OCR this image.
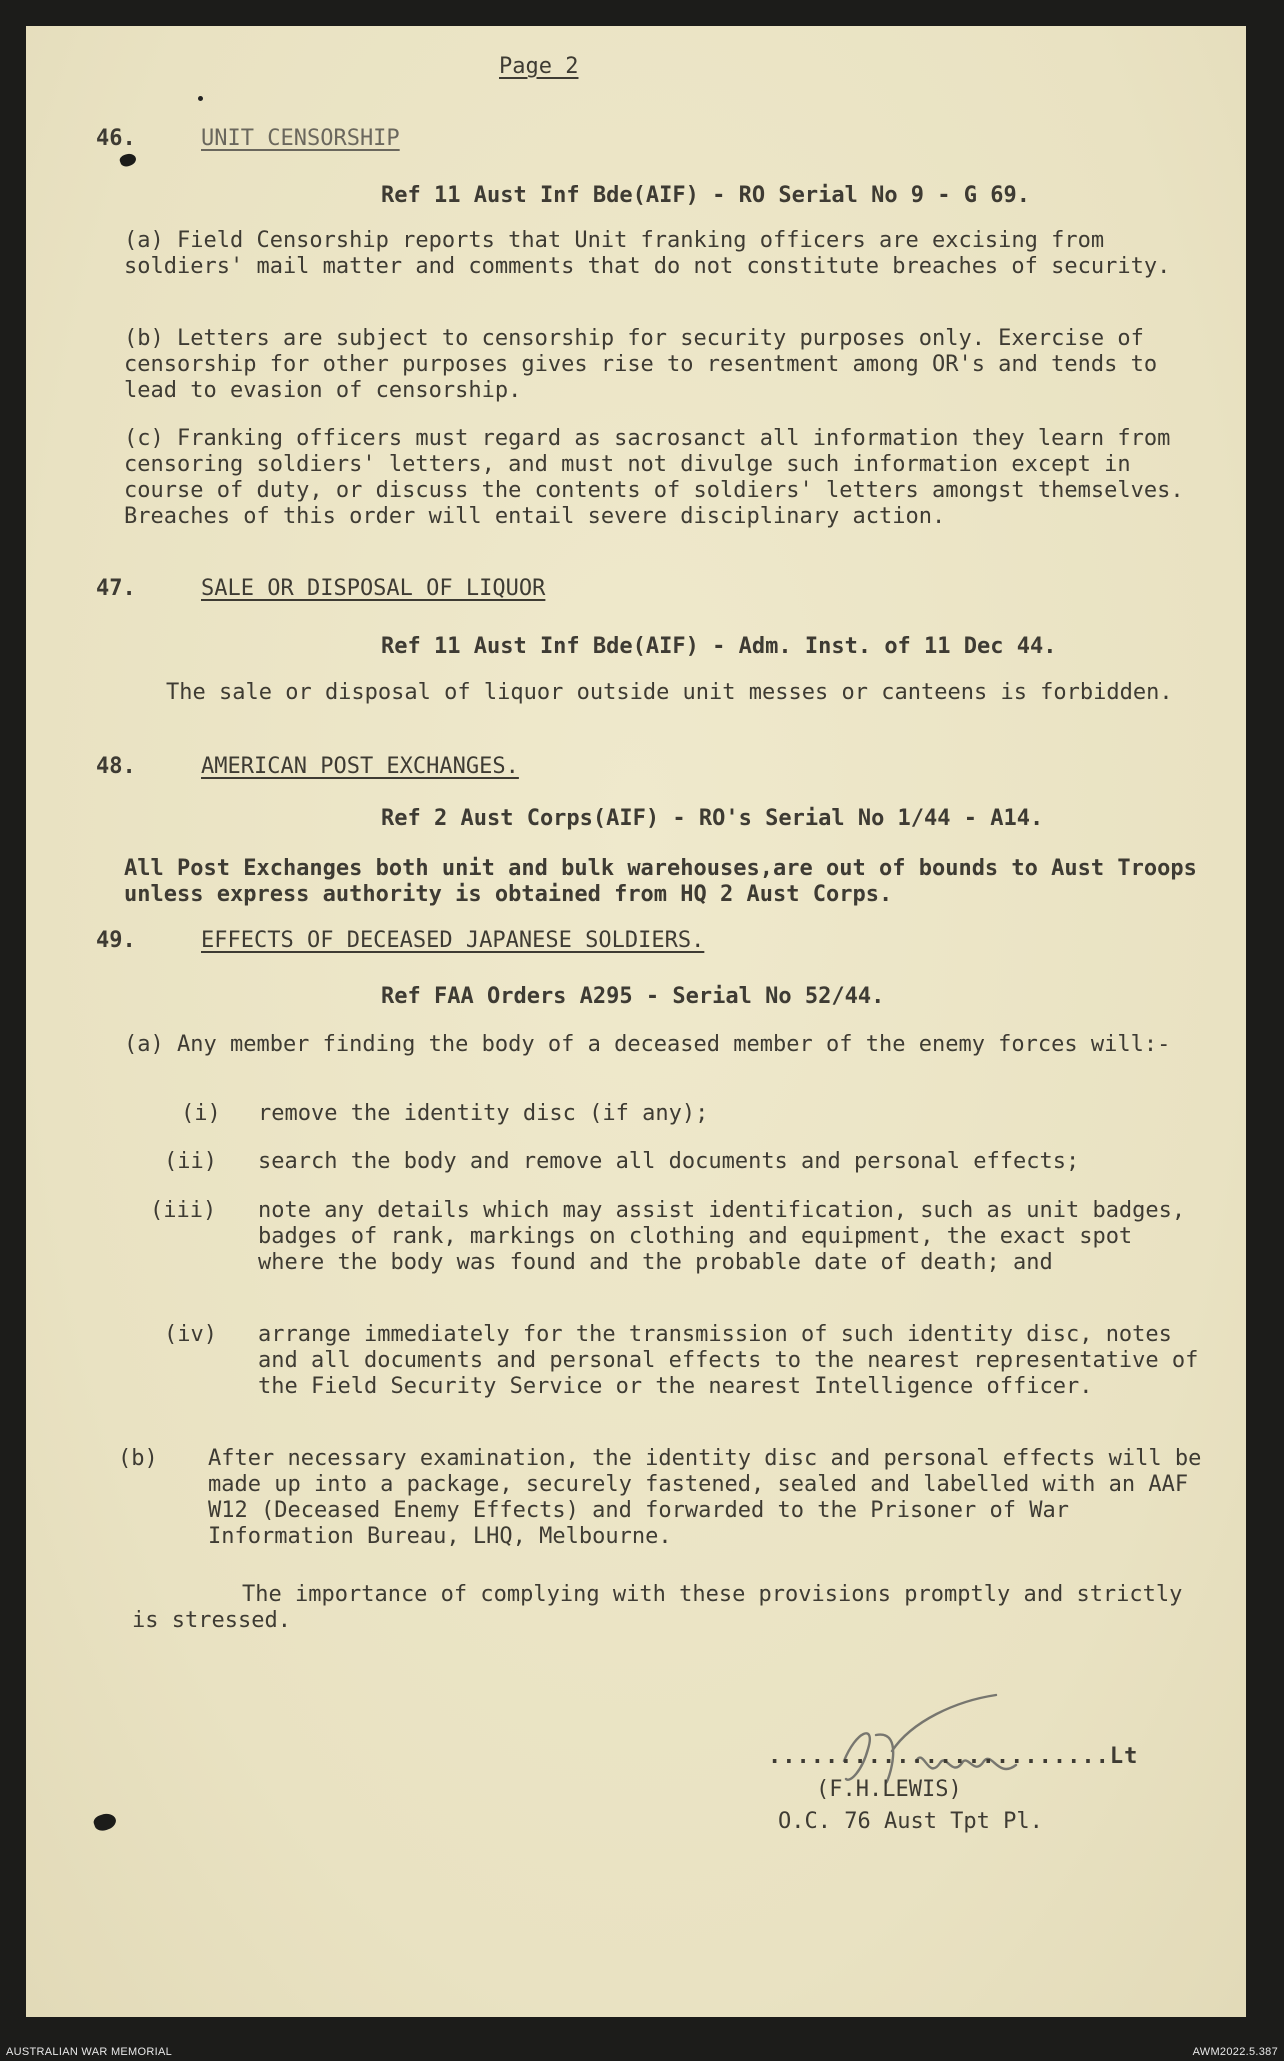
Page 2
46.	UNIT CENSORSHIP
Ref 11 Aust Inf Bde(AIF) - RO Serial No 9 - G 69.
(a) Field Censorship reports that Unit franking officers are excising from soldiers' mail matter and comments that do not constitute breaches of security.
(b) Letters are subject to censorship for security purposes only. Exercise of censorship for other purposes gives rise to resentment among OR's and tends to lead to evasion of censorship.
(c) Franking officers must regard as sacrosanct all information they learn from censoring soldiers' letters, and must not divulge such information except in course of duty, or discuss the contents of soldiers' letters amongst themselves. Breaches of this order will entail severe disciplinary action.
47.	SALE OR DISPOSAL OF LIQUOR
Ref 11 Aust Inf Bde(AIF) - Adm. Inst. of 11 Dec 44.
The sale or disposal of liquor outside unit messes or canteens is forbidden.
48.	AMERICAN POST EXCHANGES.
Ref 2 Aust Corps(AIF) - RO's Serial No 1/44 - A14.
All Post Exchanges both unit and bulk warehouses,are out of bounds to Aust Troops unless express authority is obtained from HQ 2 Aust Corps.
49.	EFFECTS OF DECEASED JAPANESE SOLDIERS.
Ref FAA Orders A295 - Serial No 52/44.
(a) Any member finding the body of a deceased member of the enemy forces will:-
(i) remove the identity disc (if any);
(ii) search the body and remove all documents and personal effects;
(iii) note any details which may assist identification, such as unit badges, badges of rank, markings on clothing and equipment, the exact spot where the body was found and the probable date of death; and
(iv) arrange immediately for the transmission of such identity disc, notes and all documents and personal effects to the nearest representative of the Field Security Service or the nearest Intelligence officer.
(b) After necessary examination, the identity disc and personal effects will be made up into a package, securely fastened, sealed and labelled with an AAF W12 (Deceased Enemy Effects) and forwarded to the Prisoner of War Information Bureau, LHQ, Melbourne.
The importance of complying with these provisions promptly and strictly is stressed.
........................Lt
(F.H.LEWIS)
O.C. 76 Aust Tpt Pl.
AUSTRALIAN WAR MEMORIAL	AWM2022.5.387
